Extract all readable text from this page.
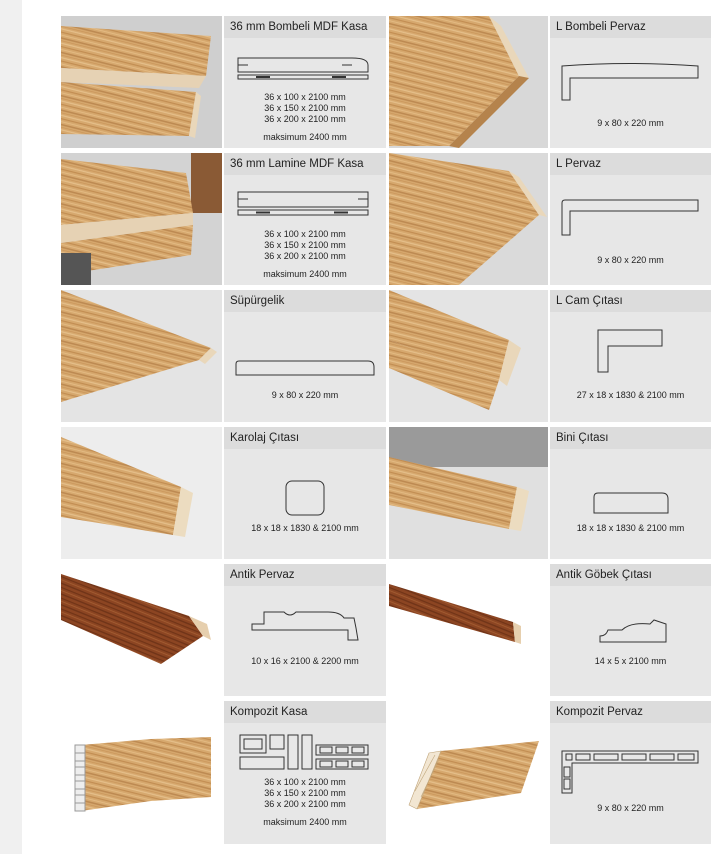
36 mm Bombeli MDF Kasa
36 x 100 x 2100 mm
36 x 150 x 2100 mm
36 x 200 x 2100 mm
maksimum 2400 mm
L Bombeli Pervaz
9 x 80 x 220 mm
36 mm Lamine MDF Kasa
36 x 100 x 2100 mm
36 x 150 x 2100 mm
36 x 200 x 2100 mm
maksimum 2400 mm
L Pervaz
9 x 80 x 220 mm
Süpürgelik
9 x 80 x 220 mm
L Cam Çıtası
27 x 18 x 1830 & 2100 mm
Karolaj Çıtası
18 x 18 x 1830 & 2100 mm
Bini Çıtası
18 x 18 x 1830 & 2100 mm
Antik Pervaz
10 x 16 x 2100 & 2200 mm
Antik Göbek Çıtası
14 x 5 x 2100 mm
Kompozit Kasa
36 x 100 x 2100 mm
36 x 150 x 2100 mm
36 x 200 x 2100 mm
maksimum 2400 mm
Kompozit Pervaz
9 x 80 x 220 mm
